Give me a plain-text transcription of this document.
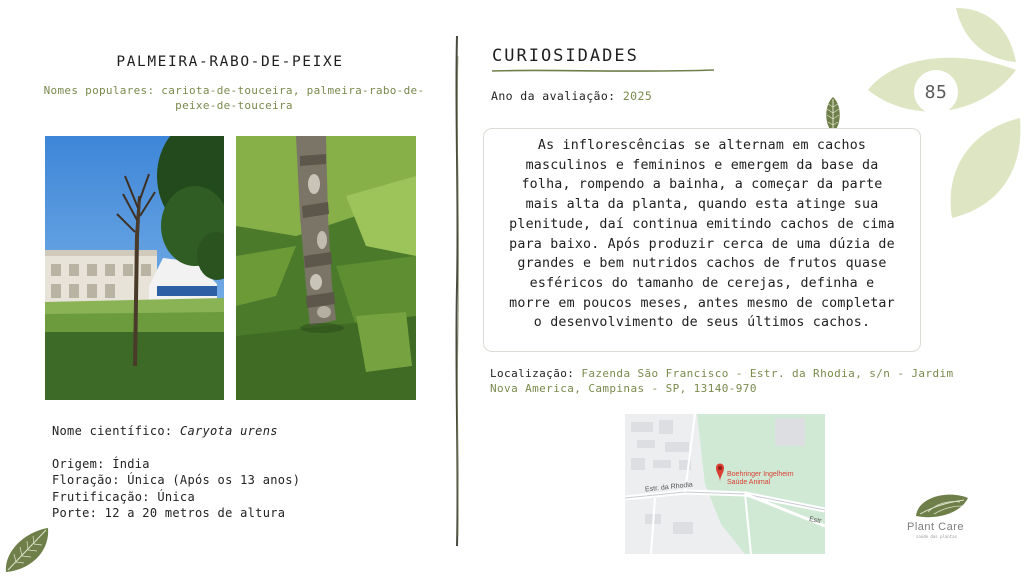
85
PALMEIRA-RABO-DE-PEIXE
Nomes populares: cariota-de-touceira, palmeira-rabo-de-peixe-de-touceira
Nome científico: Caryota urens
Origem: Índia
Floração: Única (Após os 13 anos)
Frutificação: Única
Porte: 12 a 20 metros de altura
CURIOSIDADES
Ano da avaliação: 2025
As inflorescências se alternam em cachos masculinos e femininos e emergem da base da folha, rompendo a bainha, a começar da parte mais alta da planta, quando esta atinge sua plenitude, daí continua emitindo cachos de cima para baixo. Após produzir cerca de uma dúzia de grandes e bem nutridos cachos de frutos quase esféricos do tamanho de cerejas, definha e morre em poucos meses, antes mesmo de completar o desenvolvimento de seus últimos cachos.
Localização: Fazenda São Francisco - Estr. da Rhodia, s/n - Jardim Nova America, Campinas - SP, 13140-970
Boehringer Ingelheim
Saúde Animal
Estr. da Rhodia
Estr
Plant Care
saúde das plantas
